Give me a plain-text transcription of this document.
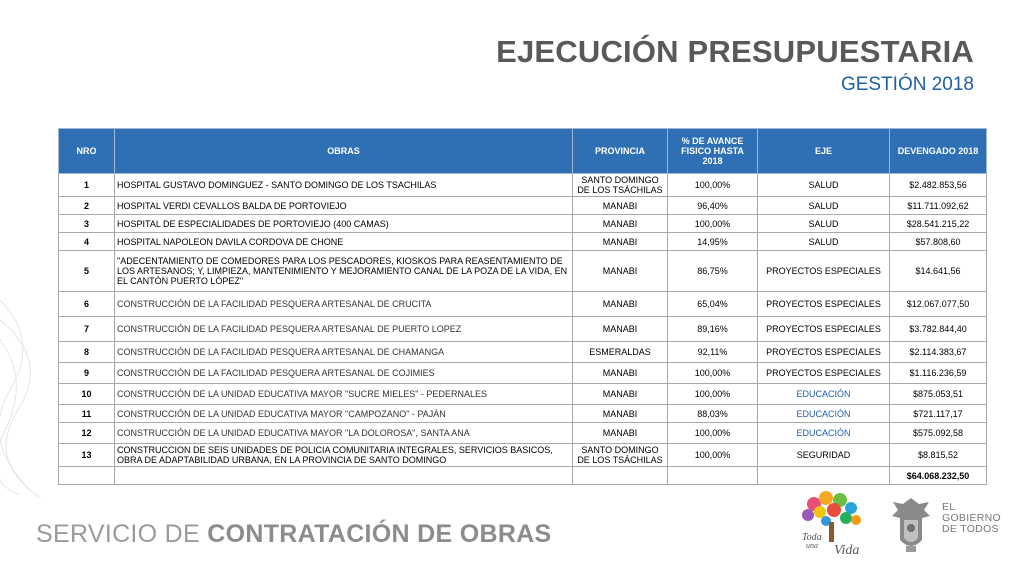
EJECUCIÓN PRESUPUESTARIA
GESTIÓN 2018
NRO	OBRAS	PROVINCIA	% DE AVANCE FISICO HASTA 2018	EJE	DEVENGADO 2018
1	HOSPITAL GUSTAVO DOMINGUEZ - SANTO DOMINGO DE LOS TSACHILAS	SANTO DOMINGO DE LOS TSÁCHILAS	100,00%	SALUD	$2.482.853,56
2	HOSPITAL VERDI CEVALLOS BALDA DE PORTOVIEJO	MANABI	96,40%	SALUD	$11.711.092,62
3	HOSPITAL DE ESPECIALIDADES DE PORTOVIEJO (400 CAMAS)	MANABI	100,00%	SALUD	$28.541.215,22
4	HOSPITAL NAPOLEON DAVILA CORDOVA DE CHONE	MANABI	14,95%	SALUD	$57.808,60
5	"ADECENTAMIENTO DE COMEDORES PARA LOS PESCADORES, KIOSKOS PARA REASENTAMIENTO DE LOS ARTESANOS; Y, LIMPIEZA, MANTENIMIENTO Y MEJORAMIENTO CANAL DE LA POZA DE LA VIDA, EN EL CANTÓN PUERTO LÓPEZ"	MANABI	86,75%	PROYECTOS ESPECIALES	$14.641,56
6	CONSTRUCCIÓN DE LA FACILIDAD PESQUERA ARTESANAL DE CRUCITA	MANABI	65,04%	PROYECTOS ESPECIALES	$12.067.077,50
7	CONSTRUCCIÓN DE LA FACILIDAD PESQUERA ARTESANAL DE PUERTO LOPEZ	MANABI	89,16%	PROYECTOS ESPECIALES	$3.782.844,40
8	CONSTRUCCIÓN DE LA FACILIDAD PESQUERA ARTESANAL DE CHAMANGA	ESMERALDAS	92,11%	PROYECTOS ESPECIALES	$2.114.383,67
9	CONSTRUCCIÓN DE LA FACILIDAD PESQUERA ARTESANAL DE COJIMIES	MANABI	100,00%	PROYECTOS ESPECIALES	$1.116.236,59
10	CONSTRUCCIÓN DE LA UNIDAD EDUCATIVA MAYOR "SUCRE MIELES" - PEDERNALES	MANABI	100,00%	EDUCACIÓN	$875.053,51
11	CONSTRUCCIÓN DE LA UNIDAD EDUCATIVA MAYOR "CAMPOZANO" - PAJÁN	MANABI	88,03%	EDUCACIÓN	$721.117,17
12	CONSTRUCCIÓN DE LA UNIDAD EDUCATIVA MAYOR "LA DOLOROSA", SANTA ANA	MANABI	100,00%	EDUCACIÓN	$575.092,58
13	CONSTRUCCION DE SEIS UNIDADES DE POLICIA COMUNITARIA INTEGRALES, SERVICIOS BASICOS, OBRA DE ADAPTABILIDAD URBANA, EN LA PROVINCIA DE SANTO DOMINGO	SANTO DOMINGO DE LOS TSÁCHILAS	100,00%	SEGURIDAD	$8.815,52
					$64.068.232,50
SERVICIO DE CONTRATACIÓN DE OBRAS	Toda
una Vida
EL
GOBIERNO
DE TODOS
